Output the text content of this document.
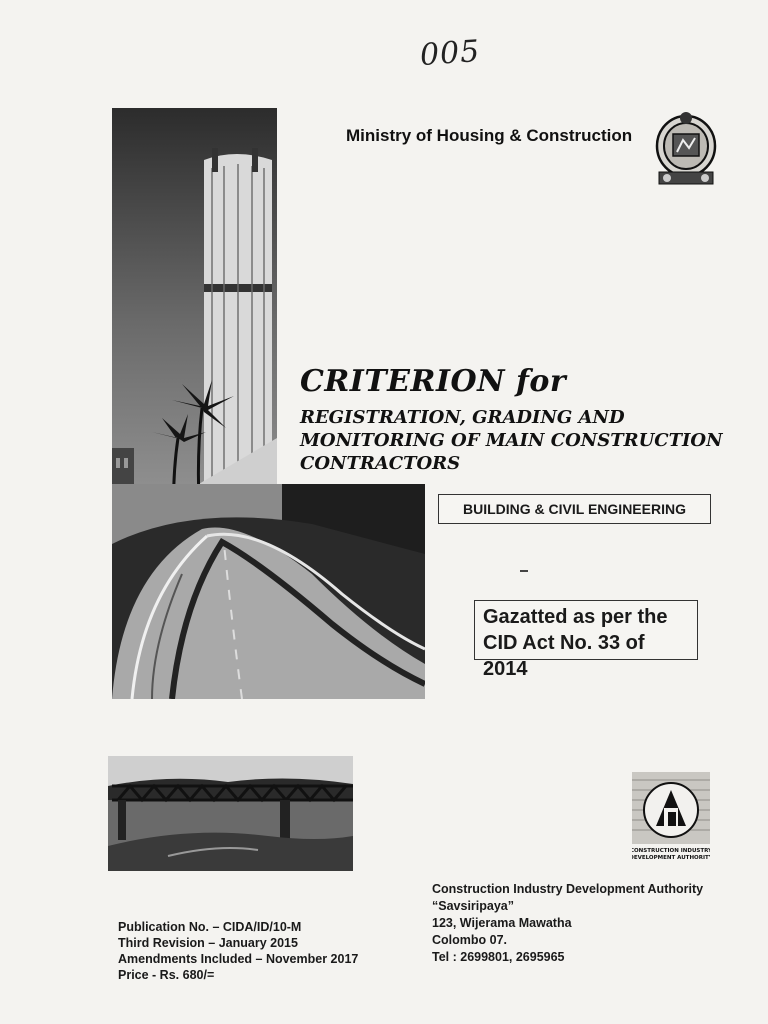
005
Ministry of Housing & Construction
CRITERION for
REGISTRATION, GRADING AND
MONITORING OF MAIN CONSTRUCTION
CONTRACTORS
BUILDING & CIVIL ENGINEERING
Gazatted as per the
CID Act No. 33 of 2014
CONSTRUCTION INDUSTRY
DEVELOPMENT AUTHORITY
Publication No. – CIDA/ID/10-M
Third Revision – January 2015
Amendments Included – November 2017
Price - Rs. 680/=
Construction Industry Development Authority
“Savsiripaya”
123, Wijerama Mawatha
Colombo 07.
Tel : 2699801, 2695965
